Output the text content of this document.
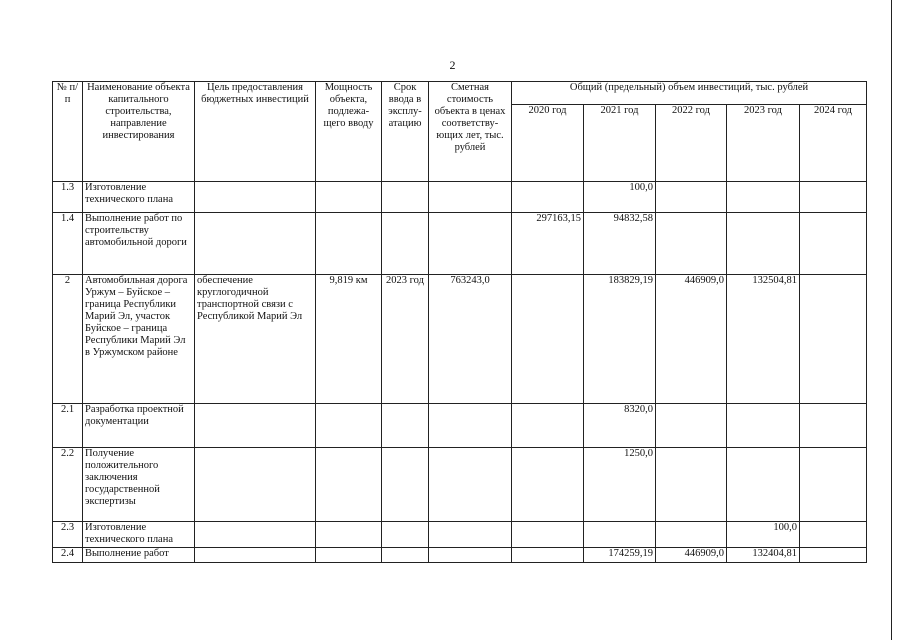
2
№ п/п	Наименование объекта капитального строительства, направление инвестирования	Цель предоставления бюджетных инвестиций	Мощность объекта, подлежа-щего вводу	Срок ввода в эксплу-атацию	Сметная стоимость объекта в ценах соответству-ющих лет, тыс. рублей	Общий (предельный) объем инвестиций, тыс. рублей				
						2020 год	2021 год	2022 год	2023 год	2024 год
1.3	Изготовление технического плана						100,0			
1.4	Выполнение работ по строительству автомобильной дороги					297163,15	94832,58			
2	Автомобильная дорога Уржум – Буйское – граница Республики Марий Эл, участок Буйское – граница Республики Марий Эл в Уржумском районе	обеспечение круглогодичной транспортной связи с Республикой Марий Эл	9,819 км	2023 год	763243,0		183829,19	446909,0	132504,81	
2.1	Разработка проектной документации						8320,0			
2.2	Получение положительного заключения государственной экспертизы						1250,0			
2.3	Изготовление технического плана								100,0	
2.4	Выполнение работ						174259,19	446909,0	132404,81	
